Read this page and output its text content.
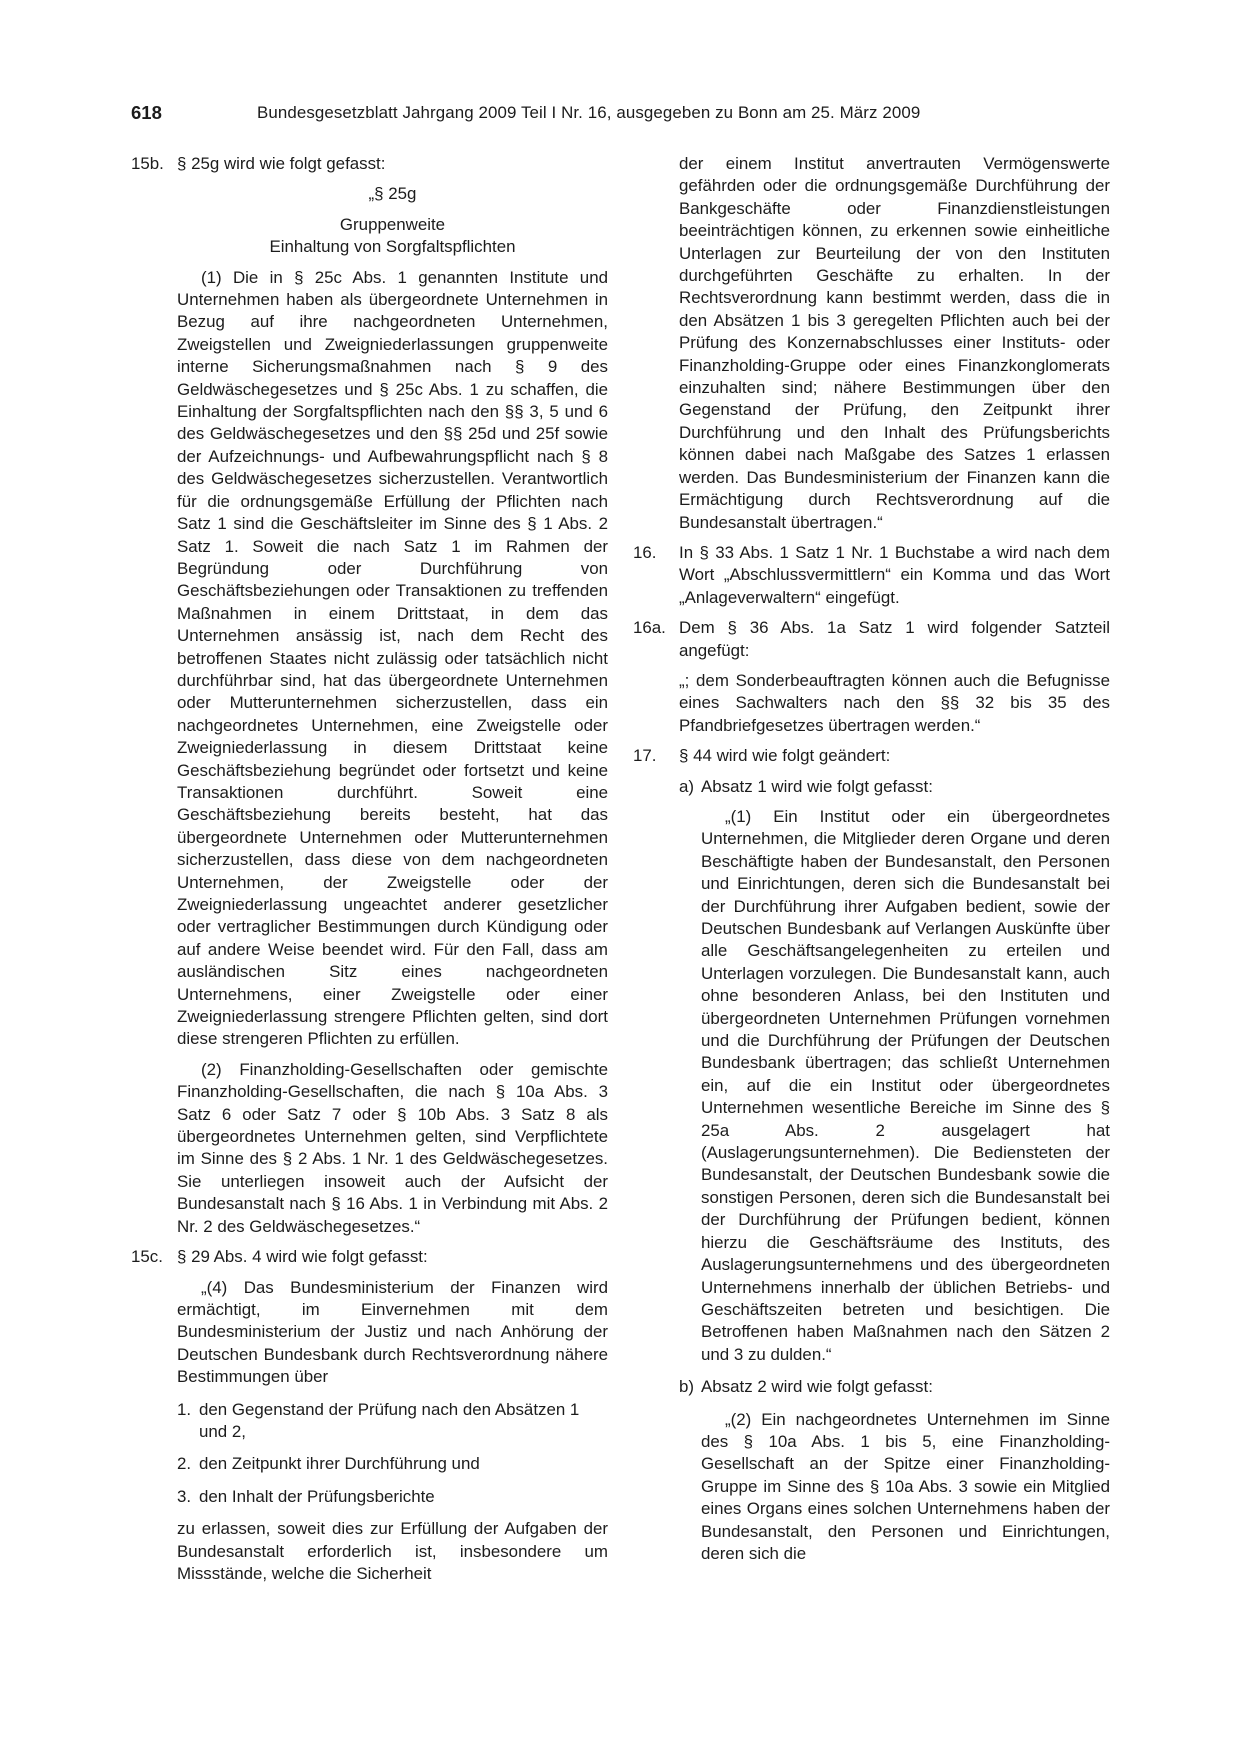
618	Bundesgesetzblatt Jahrgang 2009 Teil I Nr. 16, ausgegeben zu Bonn am 25. März 2009
15b. § 25g wird wie folgt gefasst:

„§ 25g

Gruppenweite

Einhaltung von Sorgfaltspflichten

(1) Die in § 25c Abs. 1 genannten Institute und Unternehmen haben als übergeordnete Unternehmen in Bezug auf ihre nachgeordneten Unternehmen, Zweigstellen und Zweigniederlassungen gruppenweite interne Sicherungsmaßnahmen nach § 9 des Geldwäschegesetzes und § 25c Abs. 1 zu schaffen, die Einhaltung der Sorgfaltspflichten nach den §§ 3, 5 und 6 des Geldwäschegesetzes und den §§ 25d und 25f sowie der Aufzeichnungs- und Aufbewahrungspflicht nach § 8 des Geldwäschegesetzes sicherzustellen. Verantwortlich für die ordnungsgemäße Erfüllung der Pflichten nach Satz 1 sind die Geschäftsleiter im Sinne des § 1 Abs. 2 Satz 1. Soweit die nach Satz 1 im Rahmen der Begründung oder Durchführung von Geschäftsbeziehungen oder Transaktionen zu treffenden Maßnahmen in einem Drittstaat, in dem das Unternehmen ansässig ist, nach dem Recht des betroffenen Staates nicht zulässig oder tatsächlich nicht durchführbar sind, hat das übergeordnete Unternehmen oder Mutterunternehmen sicherzustellen, dass ein nachgeordnetes Unternehmen, eine Zweigstelle oder Zweigniederlassung in diesem Drittstaat keine Geschäftsbeziehung begründet oder fortsetzt und keine Transaktionen durchführt. Soweit eine Geschäftsbeziehung bereits besteht, hat das übergeordnete Unternehmen oder Mutterunternehmen sicherzustellen, dass diese von dem nachgeordneten Unternehmen, der Zweigstelle oder der Zweigniederlassung ungeachtet anderer gesetzlicher oder vertraglicher Bestimmungen durch Kündigung oder auf andere Weise beendet wird. Für den Fall, dass am ausländischen Sitz eines nachgeordneten Unternehmens, einer Zweigstelle oder einer Zweigniederlassung strengere Pflichten gelten, sind dort diese strengeren Pflichten zu erfüllen.

(2) Finanzholding-Gesellschaften oder gemischte Finanzholding-Gesellschaften, die nach § 10a Abs. 3 Satz 6 oder Satz 7 oder § 10b Abs. 3 Satz 8 als übergeordnetes Unternehmen gelten, sind Verpflichtete im Sinne des § 2 Abs. 1 Nr. 1 des Geldwäschegesetzes. Sie unterliegen insoweit auch der Aufsicht der Bundesanstalt nach § 16 Abs. 1 in Verbindung mit Abs. 2 Nr. 2 des Geldwäschegesetzes.“

15c. § 29 Abs. 4 wird wie folgt gefasst:

„(4) Das Bundesministerium der Finanzen wird ermächtigt, im Einvernehmen mit dem Bundesministerium der Justiz und nach Anhörung der Deutschen Bundesbank durch Rechtsverordnung nähere Bestimmungen über

1. den Gegenstand der Prüfung nach den Absätzen 1 und 2,
2. den Zeitpunkt ihrer Durchführung und
3. den Inhalt der Prüfungsberichte

zu erlassen, soweit dies zur Erfüllung der Aufgaben der Bundesanstalt erforderlich ist, insbesondere um Missstände, welche die Sicherheit

der einem Institut anvertrauten Vermögenswerte gefährden oder die ordnungsgemäße Durchführung der Bankgeschäfte oder Finanzdienstleistungen beeinträchtigen können, zu erkennen sowie einheitliche Unterlagen zur Beurteilung der von den Instituten durchgeführten Geschäfte zu erhalten. In der Rechtsverordnung kann bestimmt werden, dass die in den Absätzen 1 bis 3 geregelten Pflichten auch bei der Prüfung des Konzernabschlusses einer Instituts- oder Finanzholding-Gruppe oder eines Finanzkonglomerats einzuhalten sind; nähere Bestimmungen über den Gegenstand der Prüfung, den Zeitpunkt ihrer Durchführung und den Inhalt des Prüfungsberichts können dabei nach Maßgabe des Satzes 1 erlassen werden. Das Bundesministerium der Finanzen kann die Ermächtigung durch Rechtsverordnung auf die Bundesanstalt übertragen.“

16.	In § 33 Abs. 1 Satz 1 Nr. 1 Buchstabe a wird nach dem Wort „Abschlussvermittlern“ ein Komma und das Wort „Anlageverwaltern“ eingefügt.
16a. Dem § 36 Abs. 1a Satz 1 wird folgender Satzteil angefügt:

„; dem Sonderbeauftragten können auch die Befugnisse eines Sachwalters nach den §§ 32 bis 35 des Pfandbriefgesetzes übertragen werden.“

17.	§ 44 wird wie folgt geändert:
a) Absatz 1 wird wie folgt gefasst:

„(1) Ein Institut oder ein übergeordnetes Unternehmen, die Mitglieder deren Organe und deren Beschäftigte haben der Bundesanstalt, den Personen und Einrichtungen, deren sich die Bundesanstalt bei der Durchführung ihrer Aufgaben bedient, sowie der Deutschen Bundesbank auf Verlangen Auskünfte über alle Geschäftsangelegenheiten zu erteilen und Unterlagen vorzulegen. Die Bundesanstalt kann, auch ohne besonderen Anlass, bei den Instituten und übergeordneten Unternehmen Prüfungen vornehmen und die Durchführung der Prüfungen der Deutschen Bundesbank übertragen; das schließt Unternehmen ein, auf die ein Institut oder übergeordnetes Unternehmen wesentliche Bereiche im Sinne des § 25a Abs. 2 ausgelagert hat (Auslagerungsunternehmen). Die Bediensteten der Bundesanstalt, der Deutschen Bundesbank sowie die sonstigen Personen, deren sich die Bundesanstalt bei der Durchführung der Prüfungen bedient, können hierzu die Geschäftsräume des Instituts, des Auslagerungsunternehmens und des übergeordneten Unternehmens innerhalb der üblichen Betriebs- und Geschäftszeiten betreten und besichtigen. Die Betroffenen haben Maßnahmen nach den Sätzen 2 und 3 zu dulden.“

b) Absatz 2 wird wie folgt gefasst:

„(2) Ein nachgeordnetes Unternehmen im Sinne des § 10a Abs. 1 bis 5, eine Finanzholding-Gesellschaft an der Spitze einer Finanzholding-Gruppe im Sinne des § 10a Abs. 3 sowie ein Mitglied eines Organs eines solchen Unternehmens haben der Bundesanstalt, den Personen und Einrichtungen, deren sich die
